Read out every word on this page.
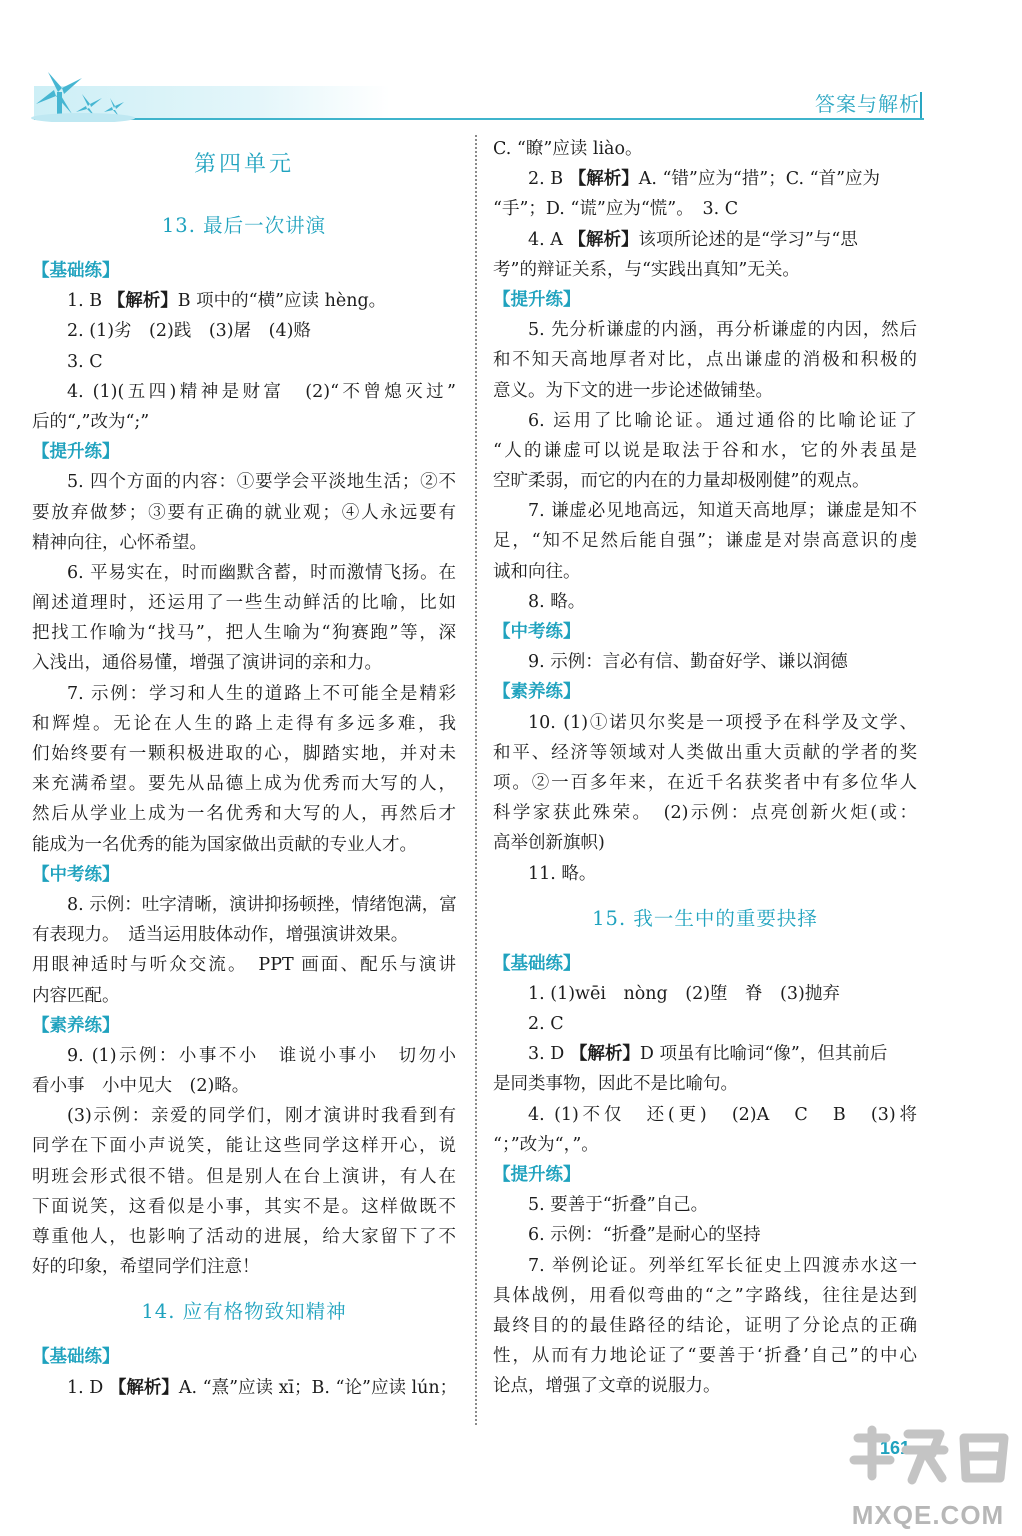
答案与解析
第四单元
13. 最后一次讲演
【基础练】
1. B 【解析】B 项中的“横”应读 hèng。
2. (1)劣　(2)践　(3)屠　(4)赂
3. C
4. (1)(五四)精神是财富　(2)“不曾熄灭过”
后的“,”改为“;”
【提升练】
5. 四个方面的内容：①要学会平淡地生活；②不
要放弃做梦；③要有正确的就业观；④人永远要有
精神向往，心怀希望。
6. 平易实在，时而幽默含蓄，时而激情飞扬。在
阐述道理时，还运用了一些生动鲜活的比喻，比如
把找工作喻为“找马”，把人生喻为“狗赛跑”等，深
入浅出，通俗易懂，增强了演讲词的亲和力。
7. 示例：学习和人生的道路上不可能全是精彩
和辉煌。无论在人生的路上走得有多远多难，我
们始终要有一颗积极进取的心，脚踏实地，并对未
来充满希望。要先从品德上成为优秀而大写的人，
然后从学业上成为一名优秀和大写的人，再然后才
能成为一名优秀的能为国家做出贡献的专业人才。
【中考练】
8. 示例：吐字清晰，演讲抑扬顿挫，情绪饱满，富
有表现力。　适当运用肢体动作，增强演讲效果。
用眼神适时与听众交流。　PPT 画面、配乐与演讲
内容匹配。
【素养练】
9. (1)示例：小事不小　谁说小事小　切勿小
看小事　小中见大　(2)略。
(3)示例：亲爱的同学们，刚才演讲时我看到有
同学在下面小声说笑，能让这些同学这样开心，说
明班会形式很不错。但是别人在台上演讲，有人在
下面说笑，这看似是小事，其实不是。这样做既不
尊重他人，也影响了活动的进展，给大家留下了不
好的印象，希望同学们注意！
14. 应有格物致知精神
【基础练】
1. D 【解析】A. “熹”应读 xī；B. “论”应读 lún；
C. “瞭”应读 liào。
2. B 【解析】A. “错”应为“措”；C. “首”应为
“手”；D. “谎”应为“慌”。　3. C
4. A 【解析】该项所论述的是“学习”与“思
考”的辩证关系，与“实践出真知”无关。
【提升练】
5. 先分析谦虚的内涵，再分析谦虚的内因，然后
和不知天高地厚者对比，点出谦虚的消极和积极的
意义。为下文的进一步论述做铺垫。
6. 运用了比喻论证。通过通俗的比喻论证了
“人的谦虚可以说是取法于谷和水，它的外表虽是
空旷柔弱，而它的内在的力量却极刚健”的观点。
7. 谦虚必见地高远，知道天高地厚；谦虚是知不
足，“知不足然后能自强”；谦虚是对崇高意识的虔
诚和向往。
8. 略。
【中考练】
9. 示例：言必有信、勤奋好学、谦以润德
【素养练】
10. (1)①诺贝尔奖是一项授予在科学及文学、
和平、经济等领域对人类做出重大贡献的学者的奖
项。②一百多年来，在近千名获奖者中有多位华人
科学家获此殊荣。　(2)示例：点亮创新火炬(或：
高举创新旗帜)
11. 略。
15. 我一生中的重要抉择
【基础练】
1. (1)wēi　nòng　(2)堕　脊　(3)抛弃
2. C
3. D 【解析】D 项虽有比喻词“像”，但其前后
是同类事物，因此不是比喻句。
4. (1)不仅　还(更)　(2)A　C　B　(3)将
“；”改为“，”。
【提升练】
5. 要善于“折叠”自己。
6. 示例：“折叠”是耐心的坚持
7. 举例论证。列举红军长征史上四渡赤水这一
具体战例，用看似弯曲的“之”字路线，往往是达到
最终目的的最佳路径的结论，证明了分论点的正确
性，从而有力地论证了“要善于‘折叠’自己”的中心
论点，增强了文章的说服力。
161
MXQE.COM
